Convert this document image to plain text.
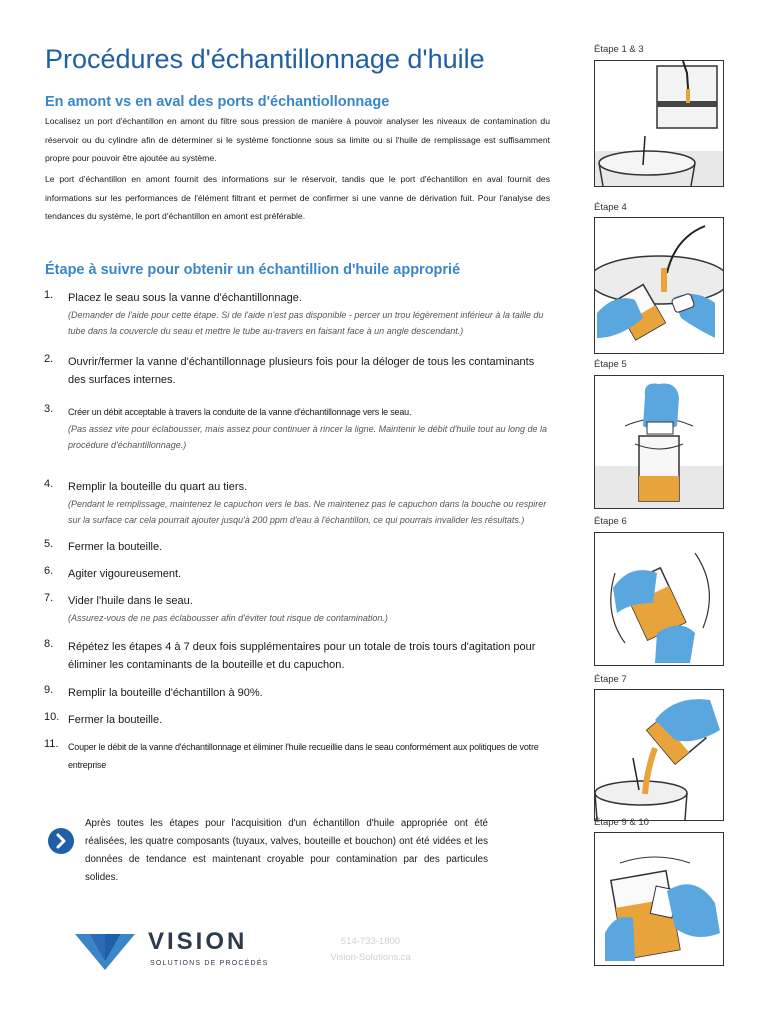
Procédures d'échantillonnage d'huile
En amont vs en aval des ports d'échantiollonnage
Localisez un port d'échantillon en amont du filtre sous pression de manière à pouvoir analyser les niveaux de contamination du réservoir ou du cylindre afin de déterminer si le système fonctionne sous sa limite ou si l'huile de remplissage est suffisamment propre pour pouvoir être ajoutée au système.
Le port d'échantillon en amont fournit des informations sur le réservoir, tandis que le port d'échantillon en aval fournit des informations sur les performances de l'élément filtrant et permet de confirmer si une vanne de dérivation fuit. Pour l'analyse des tendances du système, le port d'échantillon en amont est préférable.
Étape à suivre pour obtenir un échantillion d'huile approprié
1. Placez le seau sous la vanne d'échantillonnage.
(Demander de l'aide pour cette étape. Si de l'aide n'est pas disponible - percer un trou légèrement inférieur à la taille du tube dans la couvercle du seau et mettre le tube au-travers en faisant face à un angle descendant.)
2. Ouvrir/fermer la vanne d'échantillonnage plusieurs fois pour la déloger de tous les contaminants des surfaces internes.
3. Créer un débit acceptable à travers la conduite de la vanne d'échantillonnage vers le seau.
(Pas assez vite pour éclabousser, mais assez pour continuer à rincer la ligne. Maintenir le débit d'huile tout au long de la procédure d'échantillonnage.)
4. Remplir la bouteille du quart au tiers.
(Pendant le remplissage, maintenez le capuchon vers le bas. Ne maintenez pas le capuchon dans la bouche ou respirer sur la surface car cela pourrait ajouter jusqu'à 200 ppm d'eau à l'échantillon, ce qui pourrais invalider les résultats.)
5. Fermer la bouteille.
6. Agiter vigoureusement.
7. Vider l'huile dans le seau.
(Assurez-vous de ne pas éclabousser afin d'éviter tout risque de contamination.)
8. Répétez les étapes 4 à 7 deux fois supplémentaires pour un totale de trois tours d'agitation pour éliminer les contaminants de la bouteille et du capuchon.
9. Remplir la bouteille d'échantillon à 90%.
10. Fermer la bouteille.
11. Couper le débit de la vanne d'échantillonnage et éliminer l'huile recueillie dans le seau conformément aux politiques de votre entreprise
Après toutes les étapes pour l'acquisition d'un échantillon d'huile appropriée ont été réalisées, les quatre composants (tuyaux, valves, bouteille et bouchon) ont été vidées et les données de tendance est maintenant croyable pour contamination par des particules solides.
VISION
SOLUTIONS DE PROCÉDÉS
514-733-1800
Vision-Solutions.ca
Étape 1 & 3
Étape 4
Étape 5
Étape 6
Étape 7
Étape 9 & 10
